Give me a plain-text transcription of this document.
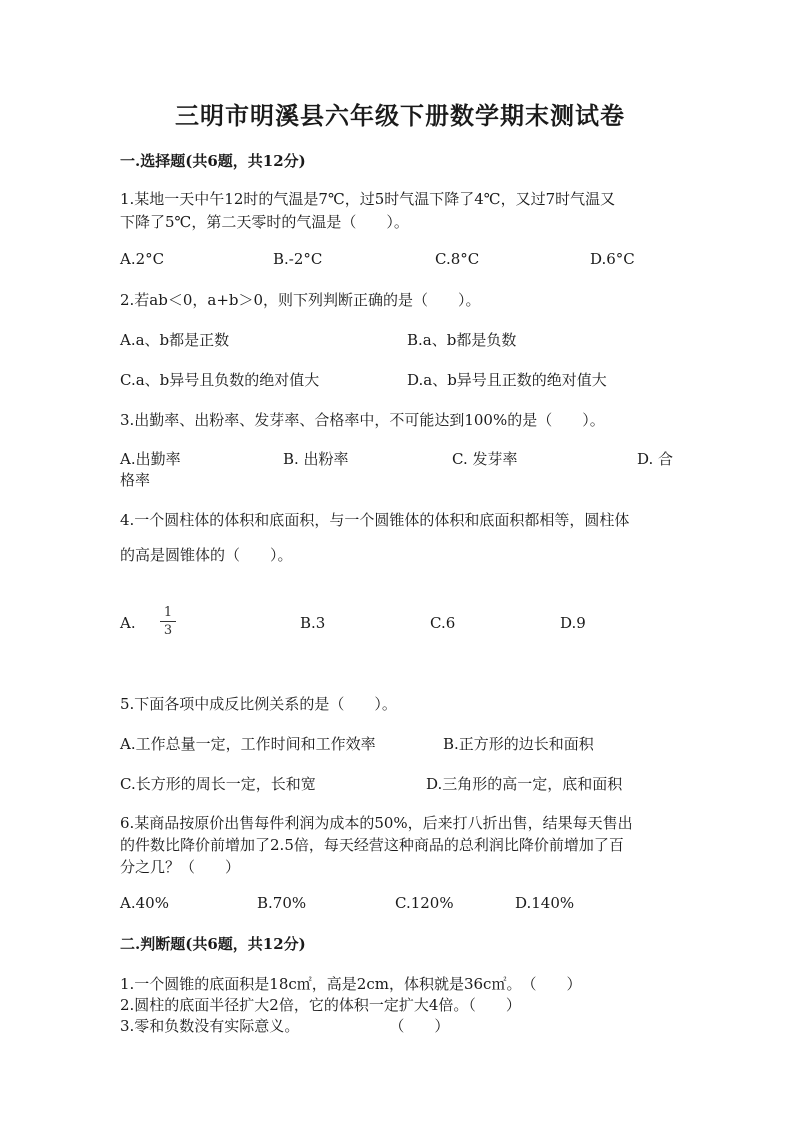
三明市明溪县六年级下册数学期末测试卷
一.选择题(共6题，共12分)
1.某地一天中午12时的气温是7℃，过5时气温下降了4℃，又过7时气温又
下降了5℃，第二天零时的气温是（　　）。
A.2°C	B.-2°C	C.8°C	D.6°C
2.若ab＜0，a+b＞0，则下列判断正确的是（　　）。
A.a、b都是正数	B.a、b都是负数
C.a、b异号且负数的绝对值大	D.a、b异号且正数的绝对值大
3.出勤率、出粉率、发芽率、合格率中，不可能达到100%的是（　　）。
A.出勤率	B. 出粉率	C. 发芽率	D. 合
格率
4.一个圆柱体的体积和底面积，与一个圆锥体的体积和底面积都相等，圆柱体
的高是圆锥体的（　　）。
A. $\frac{1}{3}$	B.3	C.6	D.9
5.下面各项中成反比例关系的是（　　）。
A.工作总量一定，工作时间和工作效率	B.正方形的边长和面积
C.长方形的周长一定，长和宽	D.三角形的高一定，底和面积
6.某商品按原价出售每件利润为成本的50%，后来打八折出售，结果每天售出
的件数比降价前增加了2.5倍，每天经营这种商品的总利润比降价前增加了百
分之几？（　　）
A.40%	B.70%	C.120%	D.140%
二.判断题(共6题，共12分)
1.一个圆锥的底面积是18c㎡，高是2cm，体积就是36c㎡。　（　　）
2.圆柱的底面半径扩大2倍，它的体积一定扩大4倍。（　　）
3.零和负数没有实际意义。　　　　　　　（　　）
